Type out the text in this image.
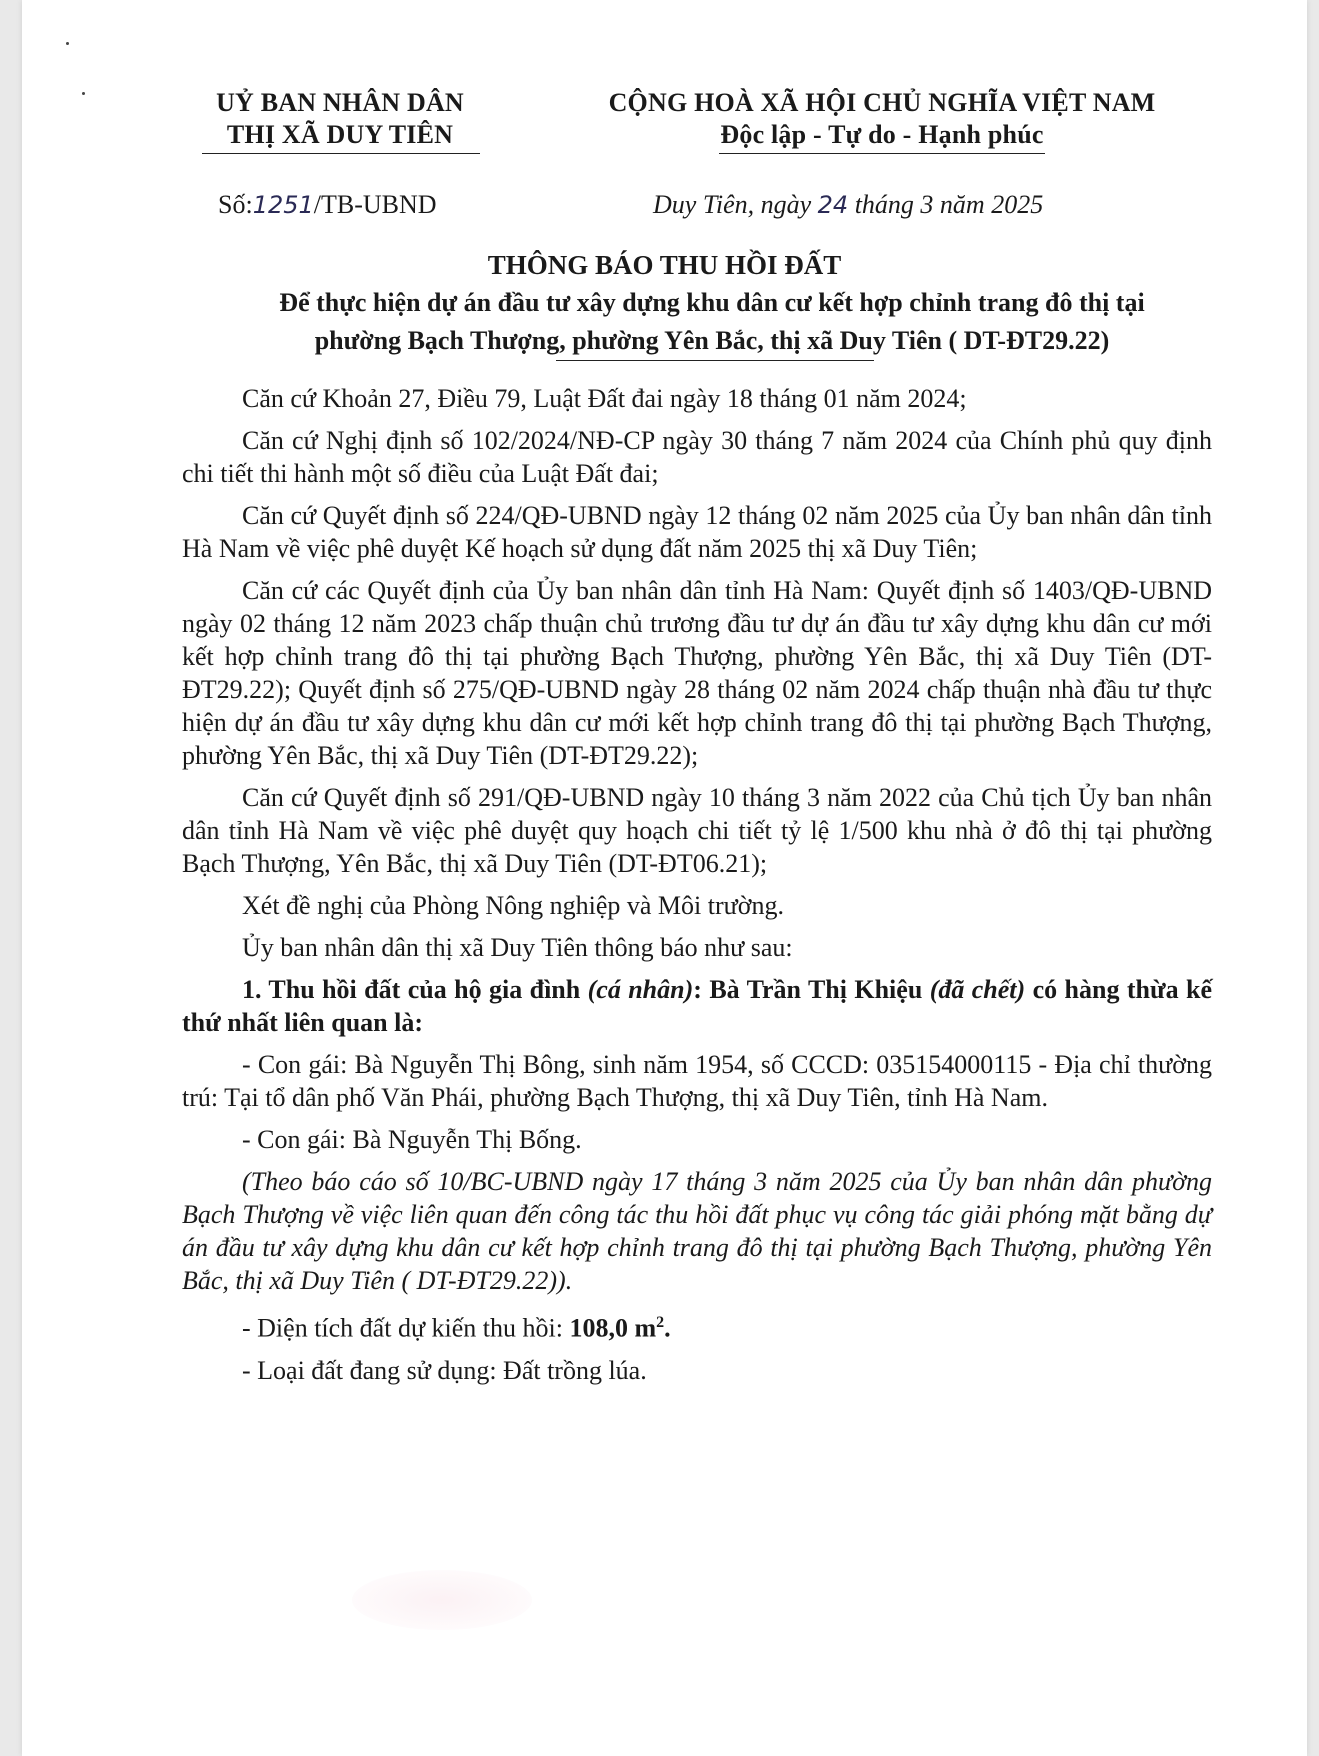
UỶ BAN NHÂN DÂN
THỊ XÃ DUY TIÊN
CỘNG HOÀ XÃ HỘI CHỦ NGHĨA VIỆT NAM
Độc lập - Tự do - Hạnh phúc
Số:1251/TB-UBND	Duy Tiên, ngày 24 tháng 3 năm 2025
THÔNG BÁO THU HỒI ĐẤT
Để thực hiện dự án đầu tư xây dựng khu dân cư kết hợp chỉnh trang đô thị tại
phường Bạch Thượng, phường Yên Bắc, thị xã Duy Tiên ( DT-ĐT29.22)

Căn cứ Khoản 27, Điều 79, Luật Đất đai ngày 18 tháng 01 năm 2024;

Căn cứ Nghị định số 102/2024/NĐ-CP ngày 30 tháng 7 năm 2024 của Chính phủ quy định chi tiết thi hành một số điều của Luật Đất đai;

Căn cứ Quyết định số 224/QĐ-UBND ngày 12 tháng 02 năm 2025 của Ủy ban nhân dân tỉnh Hà Nam về việc phê duyệt Kế hoạch sử dụng đất năm 2025 thị xã Duy Tiên;

Căn cứ các Quyết định của Ủy ban nhân dân tỉnh Hà Nam: Quyết định số 1403/QĐ-UBND ngày 02 tháng 12 năm 2023 chấp thuận chủ trương đầu tư dự án đầu tư xây dựng khu dân cư mới kết hợp chỉnh trang đô thị tại phường Bạch Thượng, phường Yên Bắc, thị xã Duy Tiên (DT-ĐT29.22); Quyết định số 275/QĐ-UBND ngày 28 tháng 02 năm 2024 chấp thuận nhà đầu tư thực hiện dự án đầu tư xây dựng khu dân cư mới kết hợp chỉnh trang đô thị tại phường Bạch Thượng, phường Yên Bắc, thị xã Duy Tiên (DT-ĐT29.22);

Căn cứ Quyết định số 291/QĐ-UBND ngày 10 tháng 3 năm 2022 của Chủ tịch Ủy ban nhân dân tỉnh Hà Nam về việc phê duyệt quy hoạch chi tiết tỷ lệ 1/500 khu nhà ở đô thị tại phường Bạch Thượng, Yên Bắc, thị xã Duy Tiên (DT-ĐT06.21);

Xét đề nghị của Phòng Nông nghiệp và Môi trường.

Ủy ban nhân dân thị xã Duy Tiên thông báo như sau:

1. Thu hồi đất của hộ gia đình (cá nhân): Bà Trần Thị Khiệu (đã chết) có hàng thừa kế thứ nhất liên quan là:

- Con gái: Bà Nguyễn Thị Bông, sinh năm 1954, số CCCD: 035154000115 - Địa chỉ thường trú: Tại tổ dân phố Văn Phái, phường Bạch Thượng, thị xã Duy Tiên, tỉnh Hà Nam.

- Con gái: Bà Nguyễn Thị Bống.

(Theo báo cáo số 10/BC-UBND ngày 17 tháng 3 năm 2025 của Ủy ban nhân dân phường Bạch Thượng về việc liên quan đến công tác thu hồi đất phục vụ công tác giải phóng mặt bằng dự án đầu tư xây dựng khu dân cư kết hợp chỉnh trang đô thị tại phường Bạch Thượng, phường Yên Bắc, thị xã Duy Tiên ( DT-ĐT29.22)).

- Diện tích đất dự kiến thu hồi: 108,0 $m^2$.

- Loại đất đang sử dụng: Đất trồng lúa.
